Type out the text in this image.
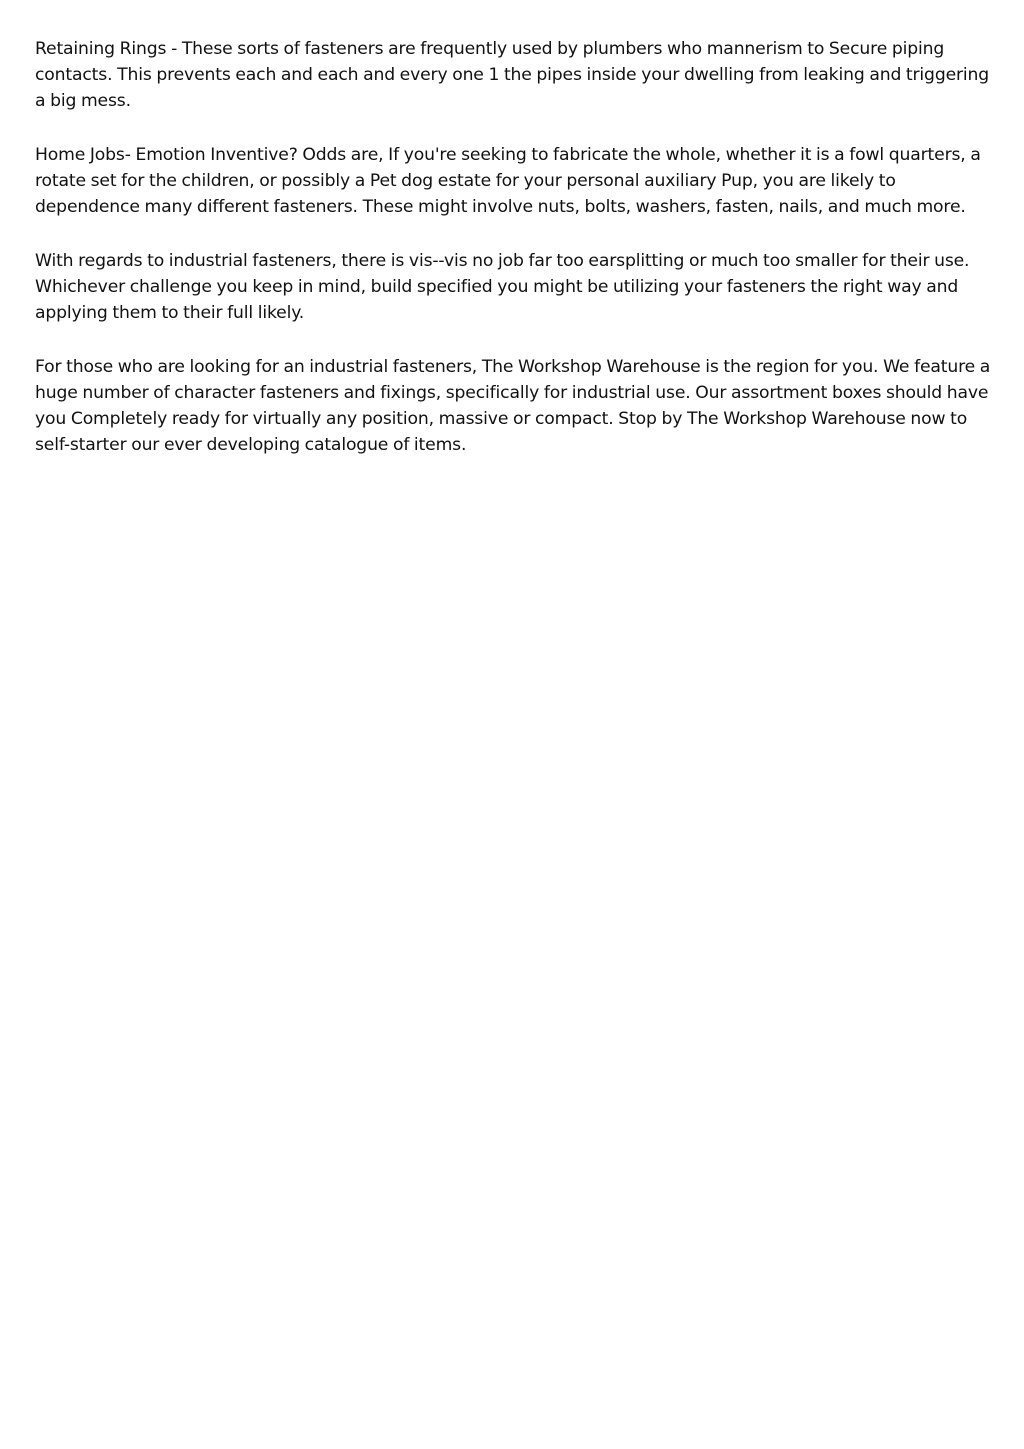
Retaining Rings - These sorts of fasteners are frequently used by plumbers who mannerism to Secure piping
contacts. This prevents each and each and every one 1 the pipes inside your dwelling from leaking and triggering
a big mess.

Home Jobs- Emotion Inventive? Odds are, If you're seeking to fabricate the whole, whether it is a fowl quarters, a
rotate set for the children, or possibly a Pet dog estate for your personal auxiliary Pup, you are likely to
dependence many different fasteners. These might involve nuts, bolts, washers, fasten, nails, and much more.

With regards to industrial fasteners, there is vis--vis no job far too earsplitting or much too smaller for their use.
Whichever challenge you keep in mind, build specified you might be utilizing your fasteners the right way and
applying them to their full likely.

For those who are looking for an industrial fasteners, The Workshop Warehouse is the region for you. We feature a
huge number of character fasteners and fixings, specifically for industrial use. Our assortment boxes should have
you Completely ready for virtually any position, massive or compact. Stop by The Workshop Warehouse now to
self-starter our ever developing catalogue of items.
